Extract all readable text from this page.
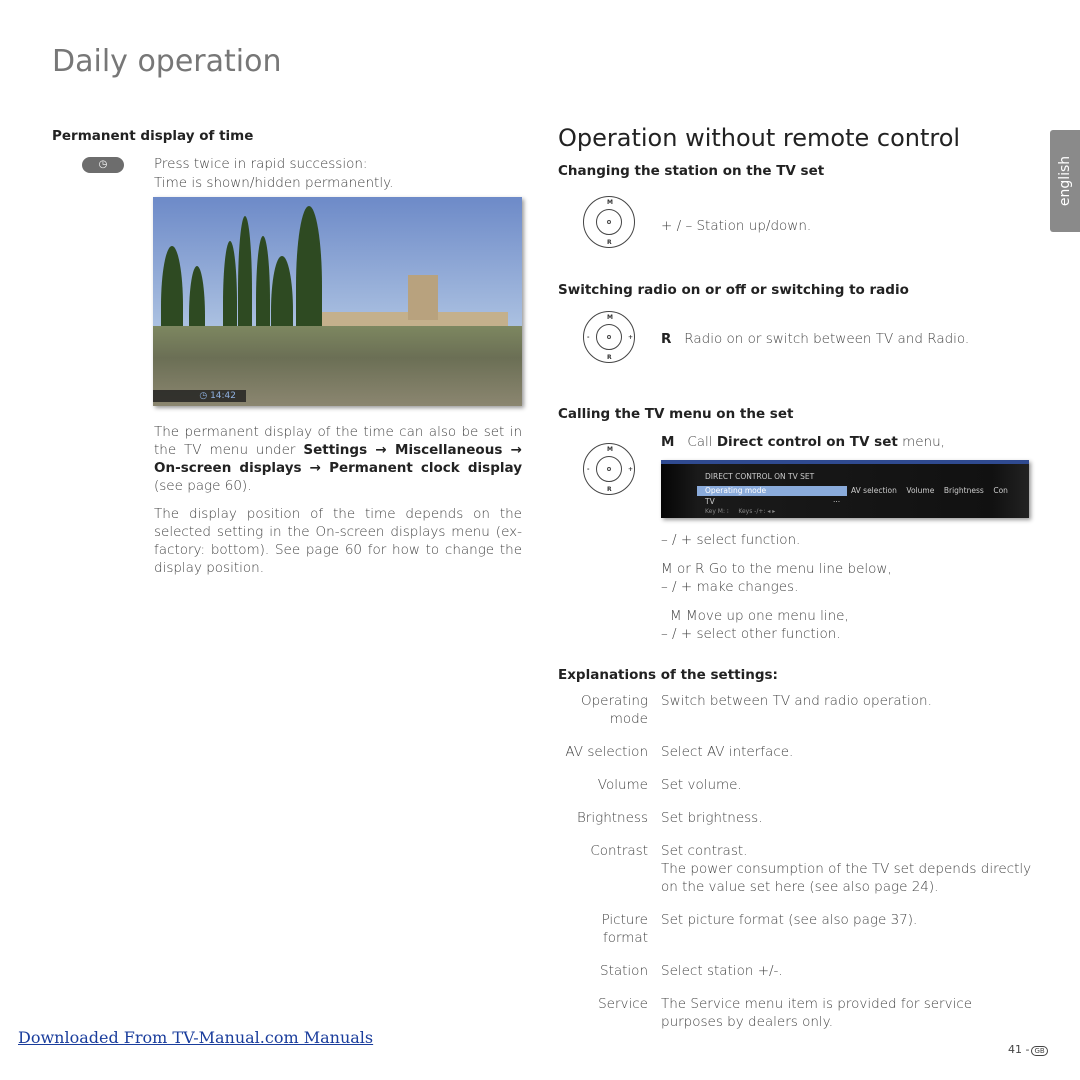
Daily operation
english
Permanent display of time
◷	Press twice in rapid succession:
Time is shown/hidden permanently.
◷ 14:42
The permanent display of the time can also be set in the TV menu under Settings → Miscellaneous → On-screen displays → Permanent clock display (see page 60).
The display position of the time depends on the selected setting in the On-screen displays menu (ex-factory: bottom). See page 60 for how to change the display position.
Operation without remote control
Changing the station on the TV set
M
R
+ / – Station up/down.
Switching radio on or off or switching to radio
M
R
-	+ R Radio on or switch between TV and Radio.
Calling the TV menu on the set
M
R
-	+
M Call Direct control on TV set menu,
DIRECT CONTROL ON TV SET
Operating mode	AV selection    Volume    Brightness    Con
TV	...
Key M: ⁝     Keys -/+: ◂ ▸
– / + select function.
M or R Go to the menu line below,
– / + make changes.
M Move up one menu line,
– / + select other function.
Explanations of the settings:
Operating mode
Switch between TV and radio operation.
AV selection Select AV interface.
Volume Set volume.
Brightness Set brightness.
Contrast Set contrast.
The power consumption of the TV set depends directly on the value set here (see also page 24).
Picture format
Set picture format (see also page 37).
Station Select station +/-.
Service The Service menu item is provided for service purposes by dealers only.
Downloaded From TV-Manual.com Manuals
41 - GB
